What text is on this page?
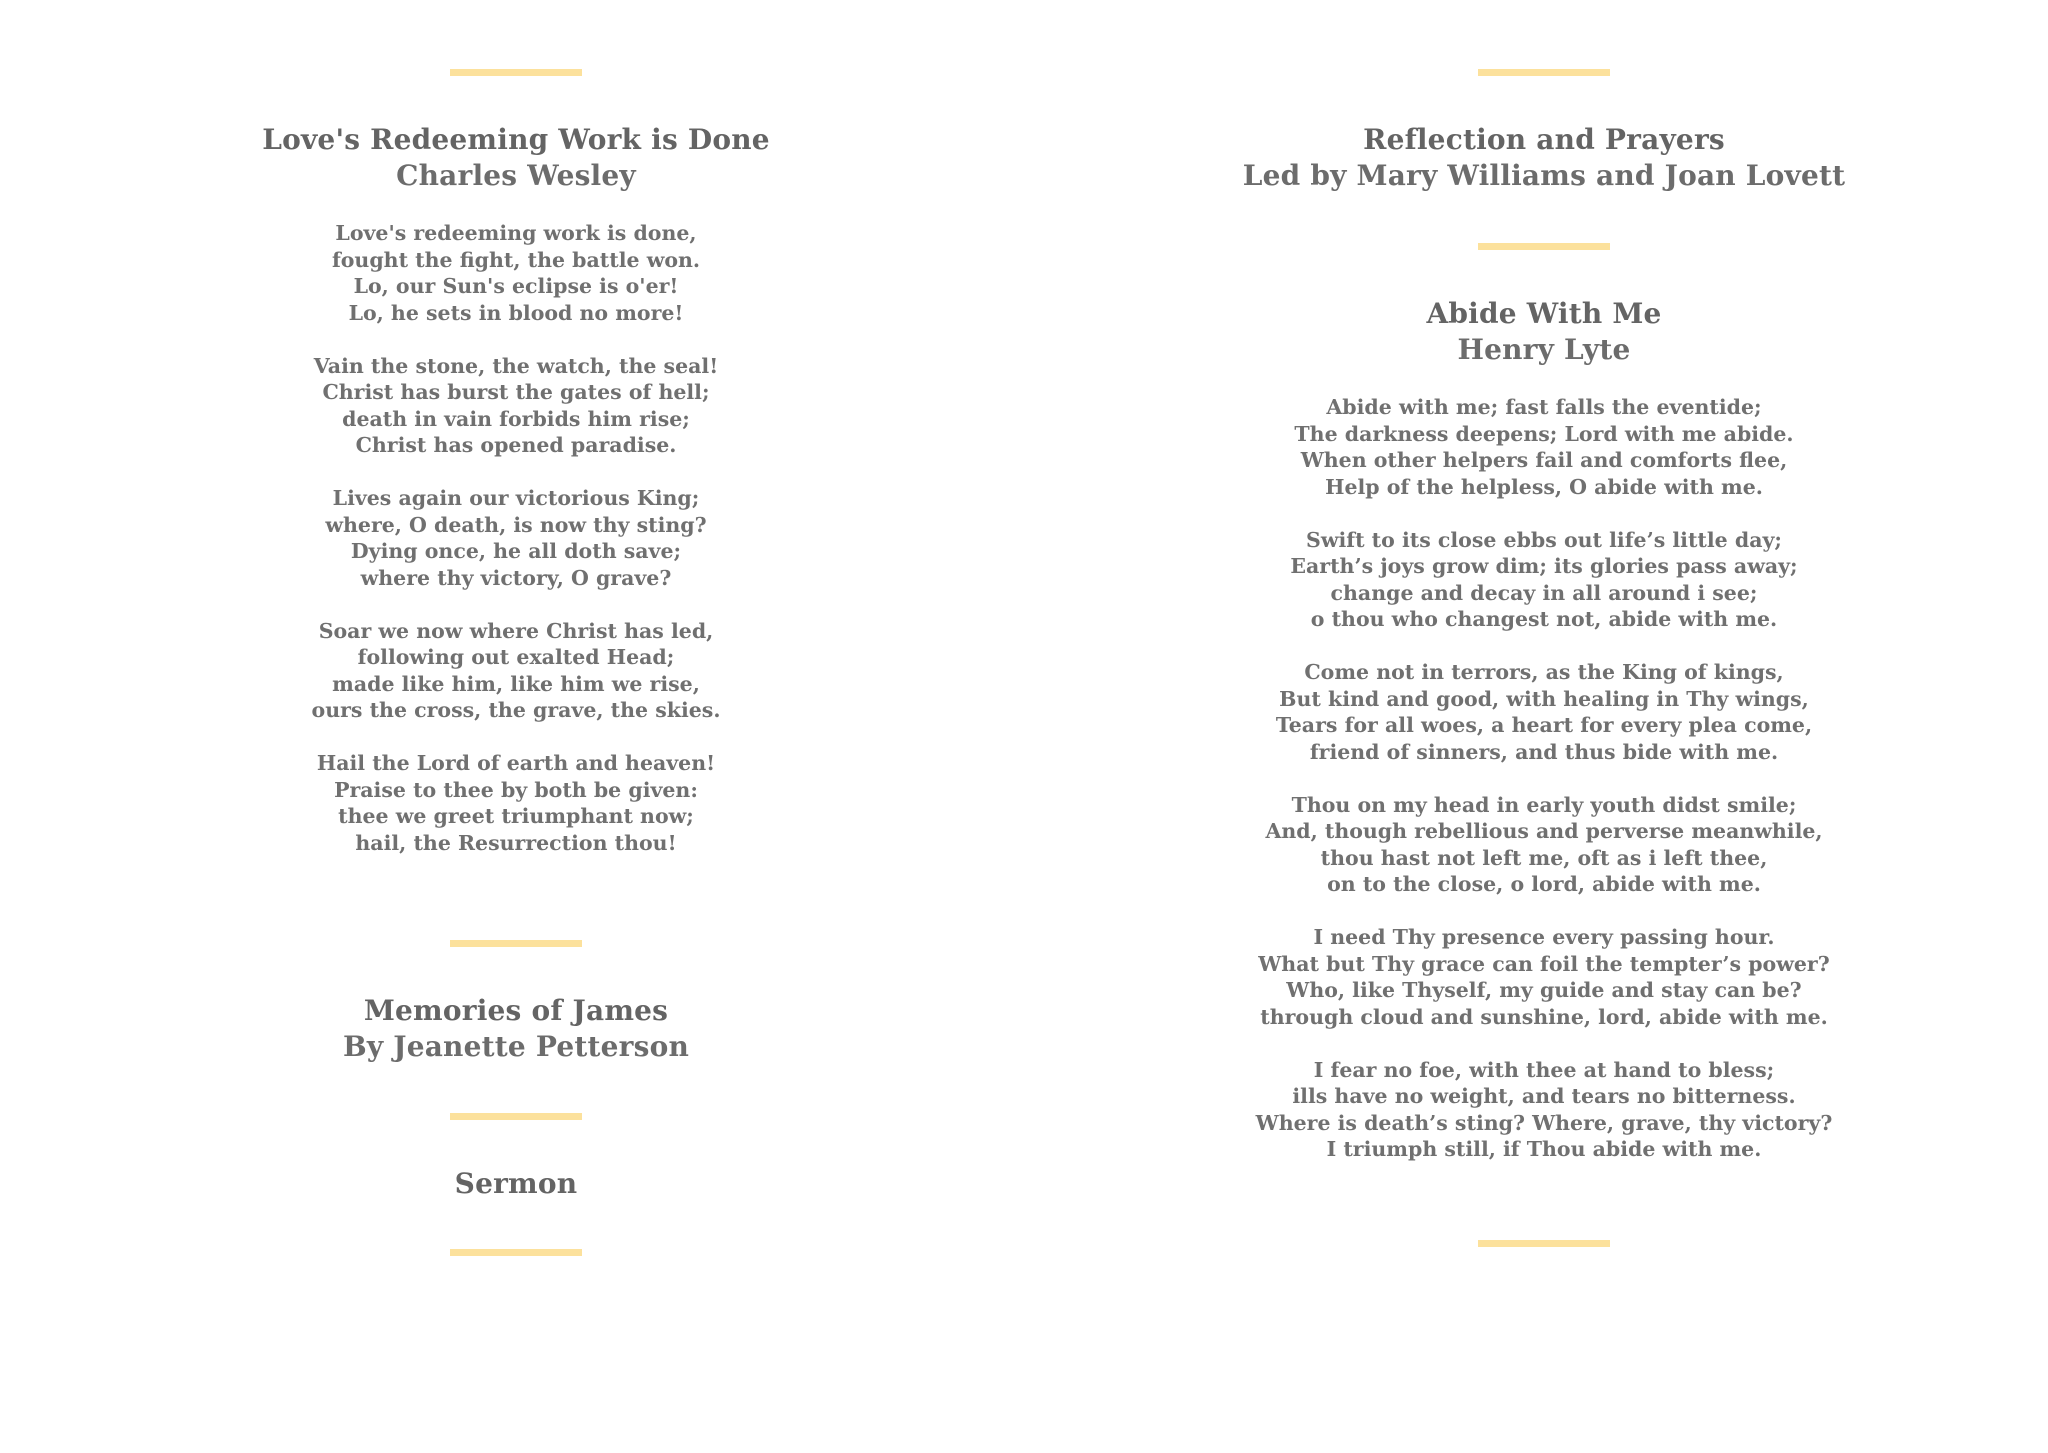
Love's Redeeming Work is Done
Charles Wesley
Love's redeeming work is done,
fought the fight, the battle won.
Lo, our Sun's eclipse is o'er!
Lo, he sets in blood no more!
Vain the stone, the watch, the seal!
Christ has burst the gates of hell;
death in vain forbids him rise;
Christ has opened paradise.
Lives again our victorious King;
where, O death, is now thy sting?
Dying once, he all doth save;
where thy victory, O grave?
Soar we now where Christ has led,
following out exalted Head;
made like him, like him we rise,
ours the cross, the grave, the skies.
Hail the Lord of earth and heaven!
Praise to thee by both be given:
thee we greet triumphant now;
hail, the Resurrection thou!
Memories of James
By Jeanette Petterson
Sermon
Reflection and Prayers
Led by Mary Williams and Joan Lovett
Abide With Me
Henry Lyte
Abide with me; fast falls the eventide;
The darkness deepens; Lord with me abide.
When other helpers fail and comforts flee,
Help of the helpless, O abide with me.
Swift to its close ebbs out life’s little day;
Earth’s joys grow dim; its glories pass away;
change and decay in all around i see;
o thou who changest not, abide with me.
Come not in terrors, as the King of kings,
But kind and good, with healing in Thy wings,
Tears for all woes, a heart for every plea come,
friend of sinners, and thus bide with me.
Thou on my head in early youth didst smile;
And, though rebellious and perverse meanwhile,
thou hast not left me, oft as i left thee,
on to the close, o lord, abide with me.
I need Thy presence every passing hour.
What but Thy grace can foil the tempter’s power?
Who, like Thyself, my guide and stay can be?
through cloud and sunshine, lord, abide with me.
I fear no foe, with thee at hand to bless;
ills have no weight, and tears no bitterness.
Where is death’s sting? Where, grave, thy victory?
I triumph still, if Thou abide with me.
